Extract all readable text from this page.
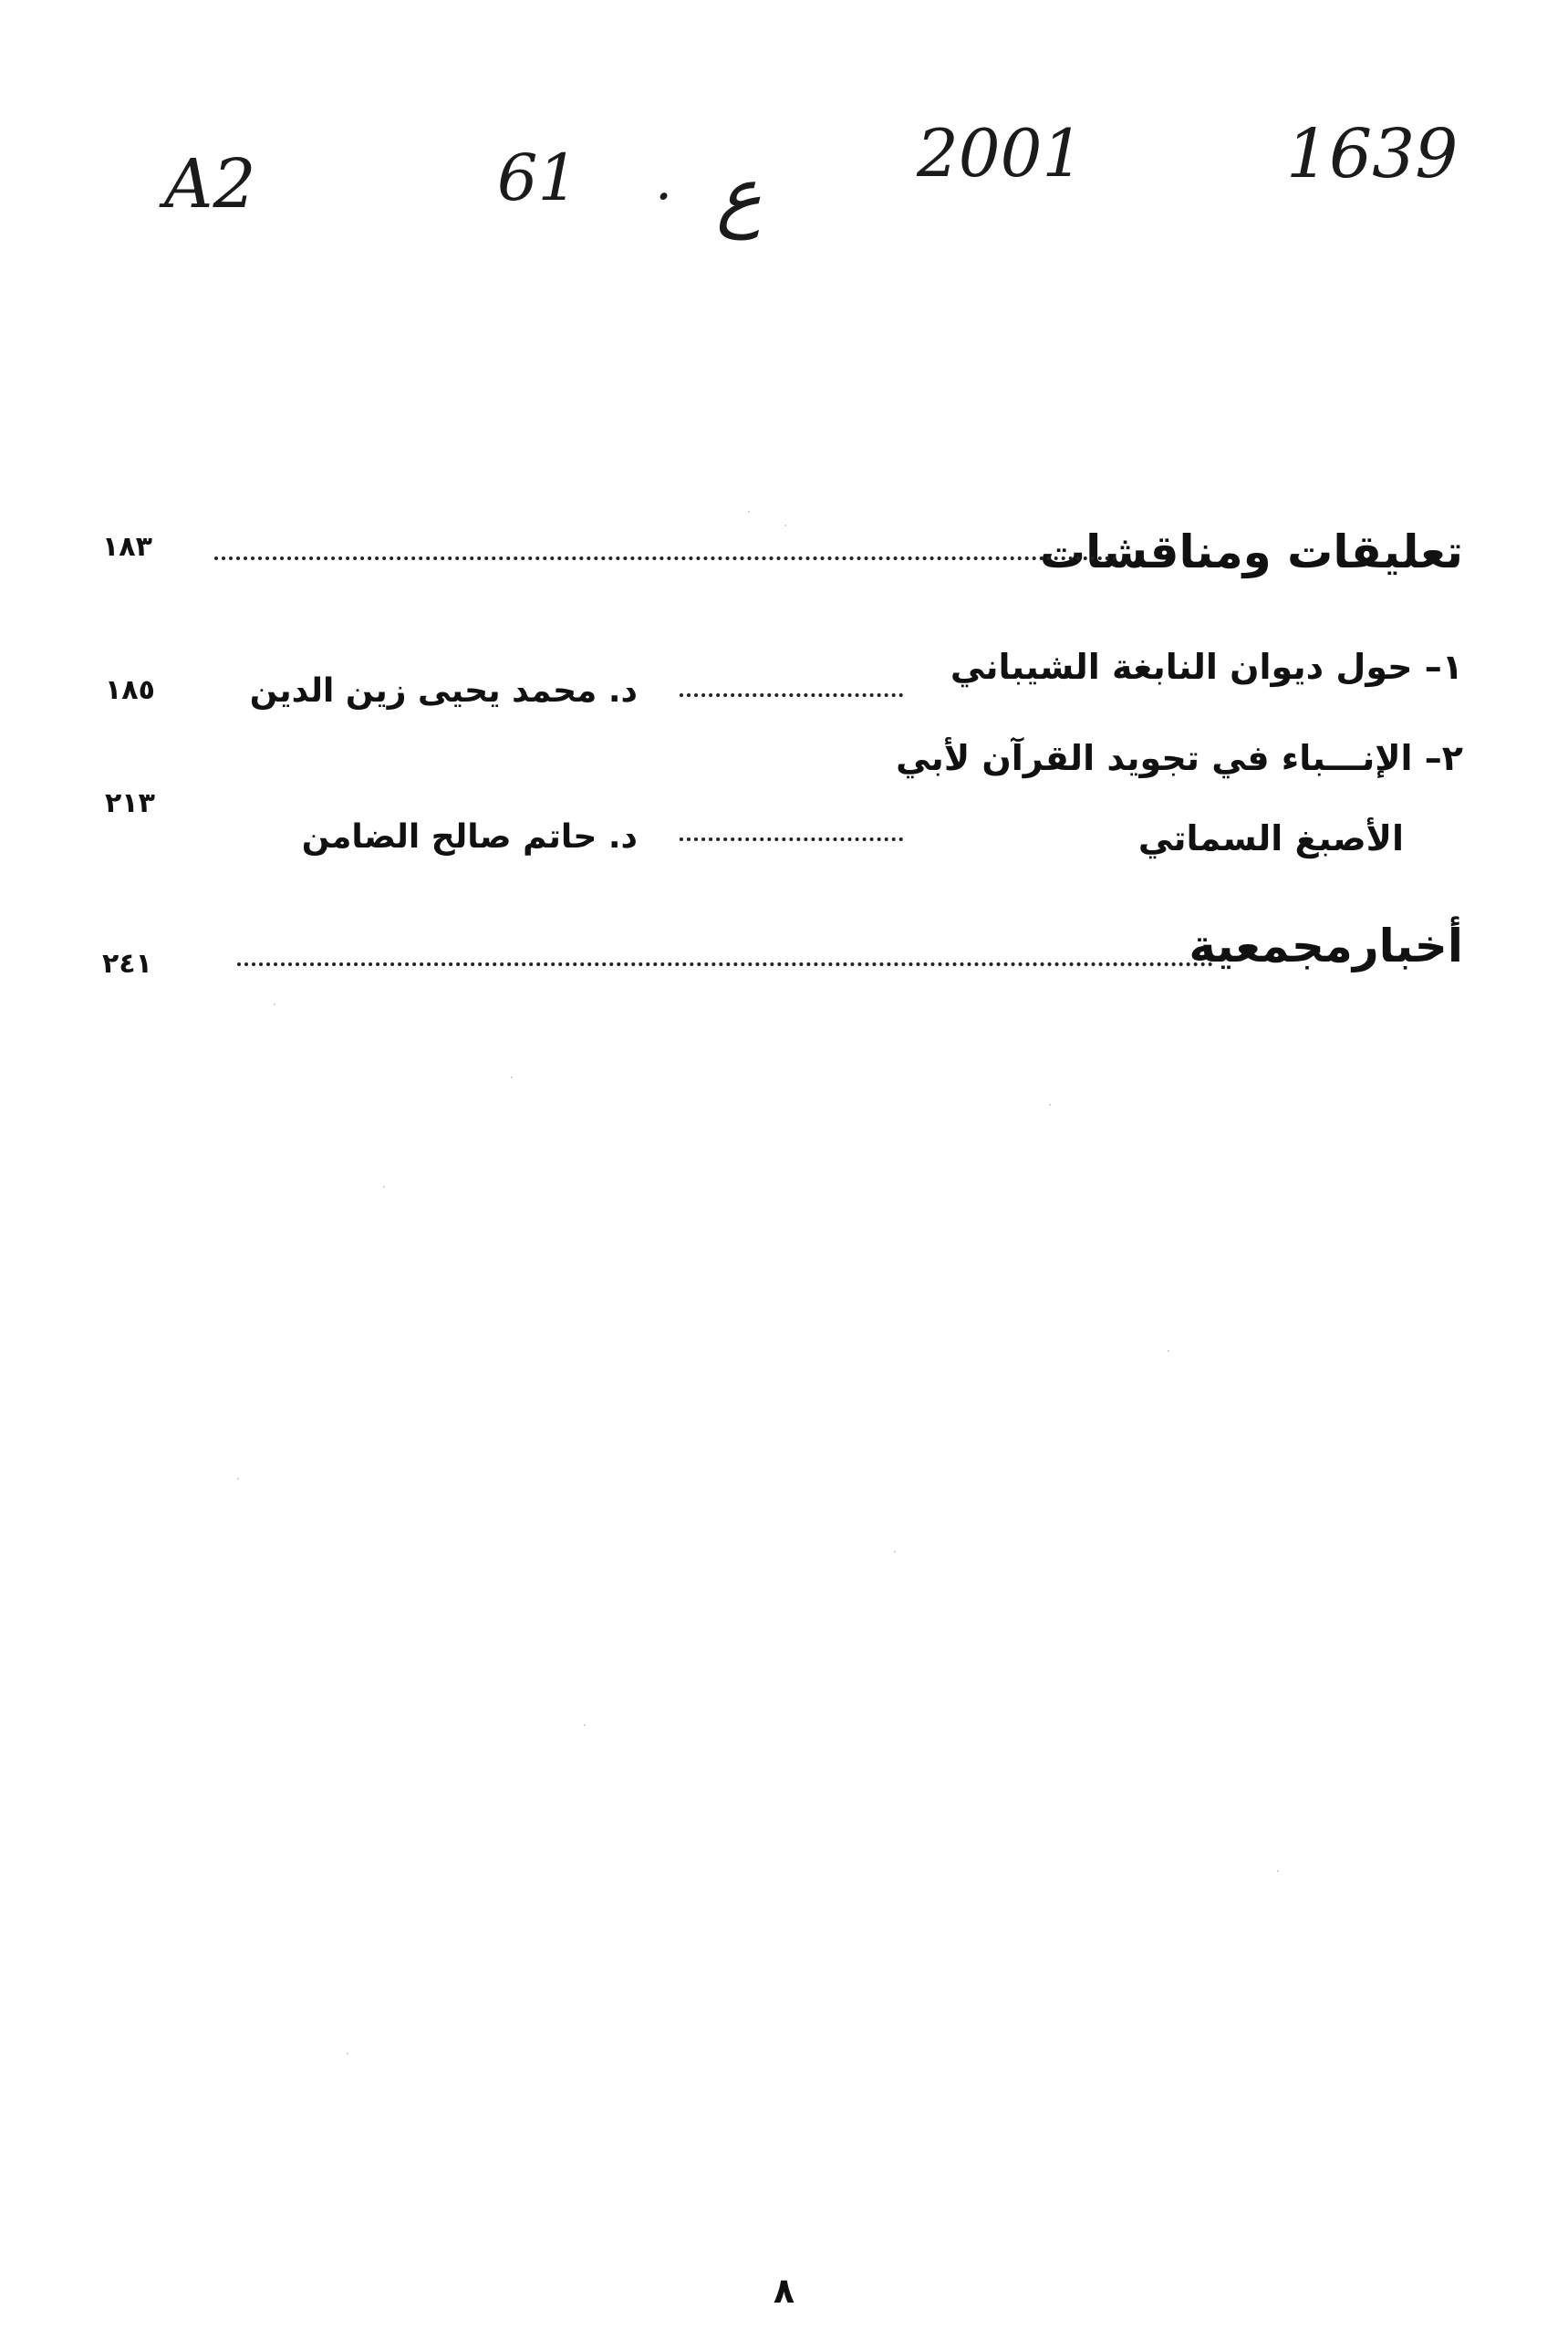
A2	61 . ع 2001	1639
تعليقات ومناقشات
١٨٣
١– حول ديوان النابغة الشيباني
د. محمد يحيى زين الدين
١٨٥
٢– الإنـــباء في تجويد القرآن لأبي
الأصبغ السماتي
د. حاتم صالح الضامن
٢١٣
أخبارمجمعية
٢٤١
٨
